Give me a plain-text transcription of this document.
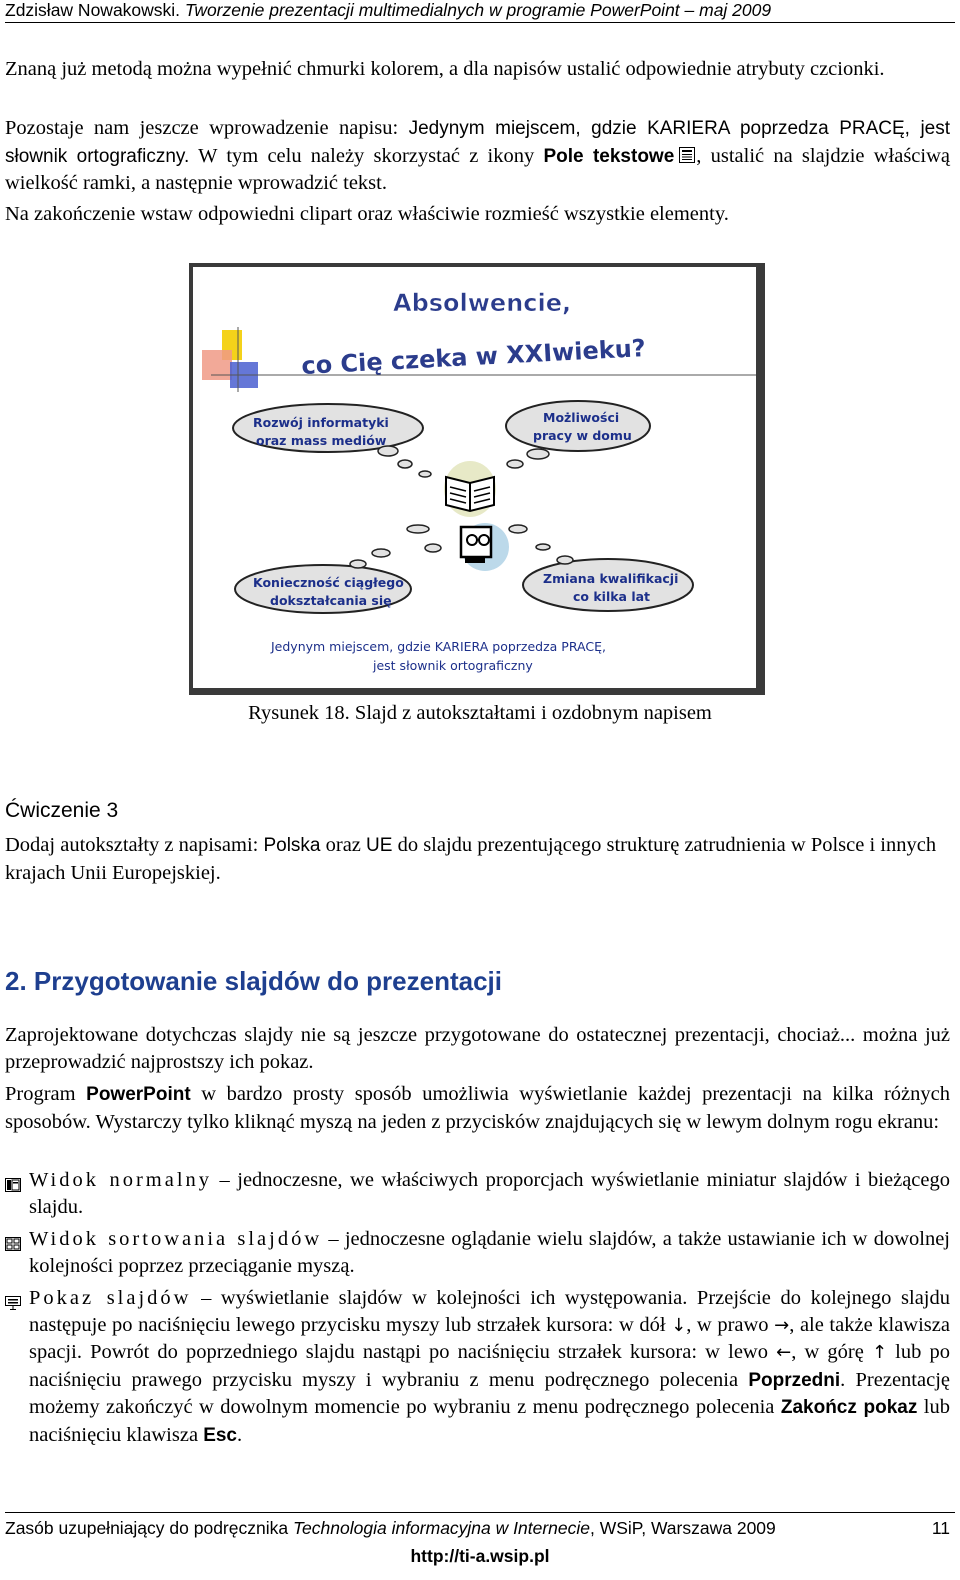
Zdzisław Nowakowski. Tworzenie prezentacji multimedialnych w programie PowerPoint – maj 2009

Znaną już metodą można wypełnić chmurki kolorem, a dla napisów ustalić odpowiednie atrybuty czcionki.

Pozostaje nam jeszcze wprowadzenie napisu: Jedynym miejscem, gdzie KARIERA poprzedza PRACĘ, jest słownik ortograficzny. W tym celu należy skorzystać z ikony Pole tekstowe , ustalić na slajdzie właściwą wielkość ramki, a następnie wprowadzić tekst.

Na zakończenie wstaw odpowiedni clipart oraz właściwie rozmieść wszystkie elementy.

Absolwencie,
co Cię czeka w XXIwieku?
Rozwój informatyki
oraz mass mediów
Możliwości
pracy w domu
Konieczność ciągłego
dokształcania się
Zmiana kwalifikacji
co kilka lat
Jedynym miejscem, gdzie KARIERA poprzedza PRACĘ,
jest słownik ortograficzny
Rysunek 18. Slajd z autokształtami i ozdobnym napisem
Ćwiczenie 3

Dodaj autokształty z napisami: Polska oraz UE do slajdu prezentującego strukturę zatrudnienia w Polsce i innych krajach Unii Europejskiej.

2. Przygotowanie slajdów do prezentacji

Zaprojektowane dotychczas slajdy nie są jeszcze przygotowane do ostatecznej prezentacji, chociaż... można już przeprowadzić najprostszy ich pokaz.

Program PowerPoint w bardzo prosty sposób umożliwia wyświetlanie każdej prezentacji na kilka różnych sposobów. Wystarczy tylko kliknąć myszą na jeden z przycisków znajdujących się w lewym dolnym rogu ekranu:

Widok normalny – jednoczesne, we właściwych proporcjach wyświetlanie miniatur slajdów i bieżącego slajdu.

Widok sortowania slajdów – jednoczesne oglądanie wielu slajdów, a także ustawianie ich w dowolnej kolejności poprzez przeciąganie myszą.

Pokaz slajdów – wyświetlanie slajdów w kolejności ich występowania. Przejście do kolejnego slajdu następuje po naciśnięciu lewego przycisku myszy lub strzałek kursora: w dół ↓, w prawo →, ale także klawisza spacji. Powrót do poprzedniego slajdu nastąpi po naciśnięciu strzałek kursora: w lewo ←, w górę ↑ lub po naciśnięciu prawego przycisku myszy i wybraniu z menu podręcznego polecenia Poprzedni. Prezentację możemy zakończyć w dowolnym momencie po wybraniu z menu podręcznego polecenia Zakończ pokaz lub naciśnięciu klawisza Esc.

Zasób uzupełniający do podręcznika Technologia informacyjna w Internecie, WSiP, Warszawa 2009	11
http://ti-a.wsip.pl
